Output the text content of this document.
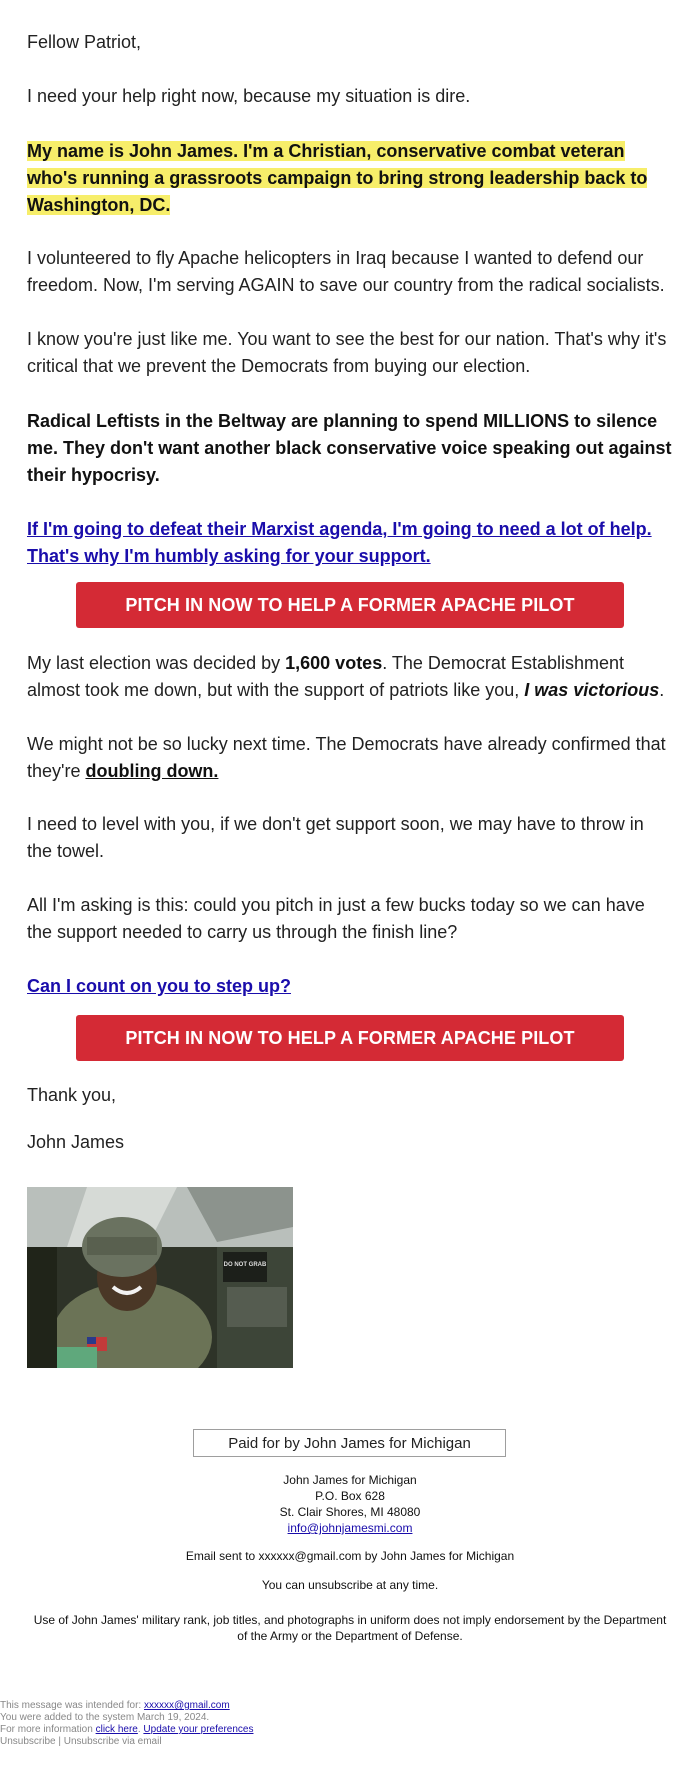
Fellow Patriot,

I need your help right now, because my situation is dire.

My name is John James. I'm a Christian, conservative combat veteran who's running a grassroots campaign to bring strong leadership back to Washington, DC.

I volunteered to fly Apache helicopters in Iraq because I wanted to defend our freedom. Now, I'm serving AGAIN to save our country from the radical socialists.

I know you're just like me. You want to see the best for our nation. That's why it's critical that we prevent the Democrats from buying our election.

Radical Leftists in the Beltway are planning to spend MILLIONS to silence me. They don't want another black conservative voice speaking out against their hypocrisy.

If I'm going to defeat their Marxist agenda, I'm going to need a lot of help. That's why I'm humbly asking for your support.

PITCH IN NOW TO HELP A FORMER APACHE PILOT

My last election was decided by 1,600 votes. The Democrat Establishment almost took me down, but with the support of patriots like you, I was victorious.

We might not be so lucky next time. The Democrats have already confirmed that they're doubling down.

I need to level with you, if we don't get support soon, we may have to throw in the towel.

All I'm asking is this: could you pitch in just a few bucks today so we can have the support needed to carry us through the finish line?

Can I count on you to step up?

PITCH IN NOW TO HELP A FORMER APACHE PILOT

Thank you,

John James

DO NOT GRAB
Paid for by John James for Michigan
John James for Michigan
P.O. Box 628
St. Clair Shores, MI 48080
info@johnjamesmi.com
Email sent to xxxxxx@gmail.com by John James for Michigan
You can unsubscribe at any time.
Use of John James' military rank, job titles, and photographs in uniform does not imply endorsement by the Department of the Army or the Department of Defense.
This message was intended for: xxxxxx@gmail.com
You were added to the system March 19, 2024.
For more information click here. Update your preferences
Unsubscribe | Unsubscribe via email
